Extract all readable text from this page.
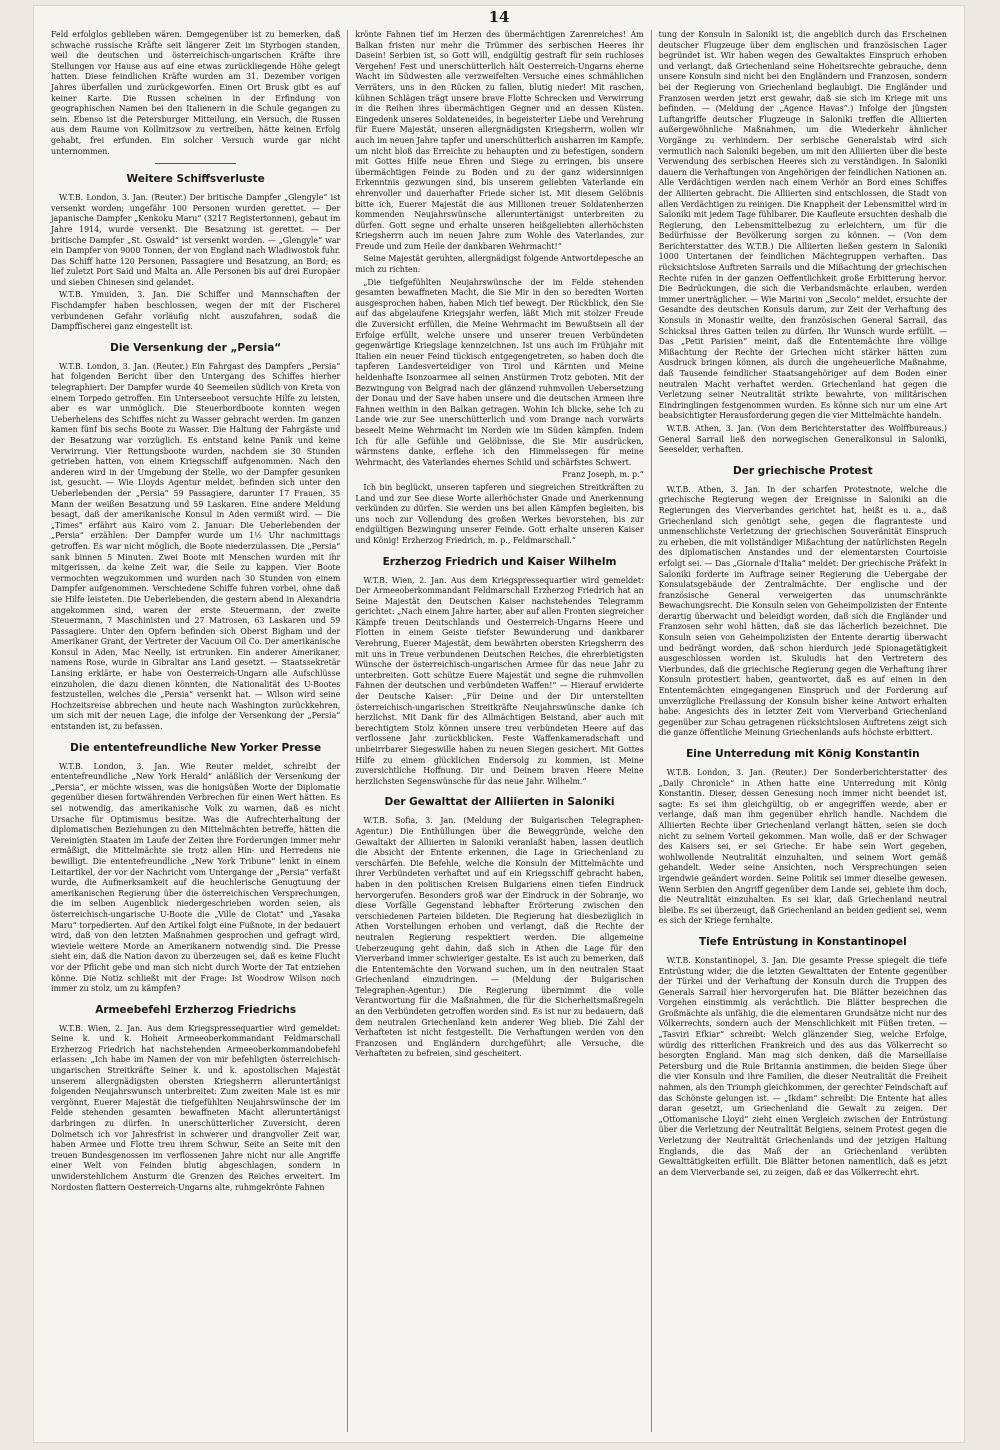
14

Feld erfolglos geblieben wären. Demgegenüber ist zu bemerken, daß schwache russische Kräfte seit längerer Zeit im Styrbogen standen, weil die deutschen und österreichisch-ungarischen Kräfte ihre Stellungen vor Hause aus auf eine etwas zurückliegende Höhe gelegt hatten. Diese feindlichen Kräfte wurden am 31. Dezember vorigen Jahres überfallen und zurückgeworfen. Einen Ort Brusk gibt es auf keiner Karte. Die Russen scheinen in der Erfindung von geographischen Namen bei den Italienern in die Schule gegangen zu sein. Ebenso ist die Petersburger Mitteilung, ein Versuch, die Russen aus dem Raume von Kollmitzsow zu vertreiben, hätte keinen Erfolg gehabt, frei erfunden. Ein solcher Versuch wurde gar nicht unternommen.

Weitere Schiffsverluste

W.T.B. London, 3. Jan. (Reuter.) Der britische Dampfer „Glengyle“ ist versenkt worden; ungefähr 100 Personen wurden gerettet. — Der japanische Dampfer „Kenkoku Maru“ (3217 Registertonnen), gebaut im Jahre 1914, wurde versenkt. Die Besatzung ist gerettet. — Der britische Dampfer „St. Oswald“ ist versenkt worden. — „Glengyle“ war ein Dampfer von 9000 Tonnen, der von England nach Wladiwostok fuhr. Das Schiff hatte 120 Personen, Passagiere und Besatzung, an Bord; es lief zuletzt Port Said und Malta an. Alle Personen bis auf drei Europäer und sieben Chinesen sind gelandet.

W.T.B. Ymuiden, 3. Jan. Die Schiffer und Mannschaften der Fischdampfer haben beschlossen, wegen der mit der Fischerei verbundenen Gefahr vorläufig nicht auszufahren, sodaß die Dampffischerei ganz eingestellt ist.

Die Versenkung der „Persia“

W.T.B. London, 3. Jan. (Reuter.) Ein Fahrgast des Dampfers „Persia“ hat folgenden Bericht über den Untergang des Schiffes hierher telegraphiert: Der Dampfer wurde 40 Seemeilen südlich von Kreta von einem Torpedo getroffen. Ein Unterseeboot versuchte Hilfe zu leisten, aber es war unmöglich. Die Steuerbordboote konnten wegen Ueberhelens des Schiffes nicht zu Wasser gebracht werden. Im ganzen kamen fünf bis sechs Boote zu Wasser. Die Haltung der Fahrgäste und der Besatzung war vorzüglich. Es entstand keine Panik und keine Verwirrung. Vier Rettungsboote wurden, nachdem sie 30 Stunden getrieben hatten, von einem Kriegsschiff aufgenommen. Nach den anderen wird in der Umgebung der Stelle, wo der Dampfer gesunken ist, gesucht. — Wie Lloyds Agentur meldet, befinden sich unter den Ueberlebenden der „Persia“ 59 Passagiere, darunter 17 Frauen, 35 Mann der weißen Besatzung und 59 Laskaren. Eine andere Meldung besagt, daß der amerikanische Konsul in Aden vermißt wird. — Die „Times“ erfährt aus Kairo vom 2. Januar: Die Ueberlebenden der „Persia“ erzählen: Der Dampfer wurde um 1½ Uhr nachmittags getroffen. Es war nicht möglich, die Boote niederzulassen. Die „Persia“ sank binnen 5 Minuten. Zwei Boote mit Menschen wurden mit ihr mitgerissen, da keine Zeit war, die Seile zu kappen. Vier Boote vermochten wegzukommen und wurden nach 30 Stunden von einem Dampfer aufgenommen. Verschiedene Schiffe fuhren vorbei, ohne daß sie Hilfe leisteten. Die Ueberlebenden, die gestern abend in Alexandria angekommen sind, waren der erste Steuermann, der zweite Steuermann, 7 Maschinisten und 27 Matrosen, 63 Laskaren und 59 Passagiere. Unter den Opfern befinden sich Oberst Bigham und der Amerikaner Grant, der Vertreter der Vacuum Oil Co. Der amerikanische Konsul in Aden, Mac Neelly, ist ertrunken. Ein anderer Amerikaner, namens Rose, wurde in Gibraltar ans Land gesetzt. — Staatssekretär Lansing erklärte, er habe von Oesterreich-Ungarn alle Aufschlüsse einzuholen, die dazu dienen könnten, die Nationalität des U-Bootes festzustellen, welches die „Persia“ versenkt hat. — Wilson wird seine Hochzeitsreise abbrechen und heute nach Washington zurückkehren, um sich mit der neuen Lage, die infolge der Versenkung der „Persia“ entstanden ist, zu befassen.

Die ententefreundliche New Yorker Presse

W.T.B. London, 3. Jan. Wie Reuter meldet, schreibt der ententefreundliche „New York Herald“ anläßlich der Versenkung der „Persia“, er möchte wissen, was die honigsüßen Worte der Diplomatie gegenüber diesen fortwährenden Verbrechen für einen Wert hätten. Es sei notwendig, das amerikanische Volk zu warnen, daß es nicht Ursache für Optimismus besitze. Was die Aufrechterhaltung der diplomatischen Beziehungen zu den Mittelmächten betreffe, hätten die Vereinigten Staaten im Laufe der Zeiten ihre Forderungen immer mehr ermäßigt, die Mittelmächte sie trotz allen Hin- und Herredens nie bewilligt. Die ententefreundliche „New York Tribune“ lenkt in einem Leitartikel, der vor der Nachricht vom Untergange der „Persia“ verfaßt wurde, die Aufmerksamkeit auf die heuchlerische Genugtuung der amerikanischen Regierung über die österreichischen Versprechungen, die im selben Augenblick niedergeschrieben worden seien, als österreichisch-ungarische U-Boote die „Ville de Ciotat“ und „Yasaka Maru“ torpedierten. Auf den Artikel folgt eine Fußnote, in der bedauert wird, daß von den letzten Maßnahmen gesprochen und gefragt wird, wieviele weitere Morde an Amerikanern notwendig sind. Die Presse sieht ein, daß die Nation davon zu überzeugen sei, daß es keine Flucht vor der Pflicht gebe und man sich nicht durch Worte der Tat entziehen könne. Die Notiz schließt mit der Frage: Ist Woodrow Wilson noch immer zu stolz, um zu kämpfen?

Armeebefehl Erzherzog Friedrichs

W.T.B. Wien, 2. Jan. Aus dem Kriegspressequartier wird gemeldet: Seine k. und k. Hoheit Armeeoberkommandant Feldmarschall Erzherzog Friedrich hat nachstehenden Armeeoberkommandobefehl erlassen: „Ich habe im Namen der von mir befehligten österreichisch-ungarischen Streitkräfte Seiner k. und k. apostolischen Majestät unserem allergnädigsten obersten Kriegsherrn alleruntertänigst folgenden Neujahrswunsch unterbreitet: Zum zweiten Male ist es mir vergönnt, Euerer Majestät die tiefgefühlten Neujahrswünsche der im Felde stehenden gesamten bewaffneten Macht alleruntertänigst darbringen zu dürfen. In unerschütterlicher Zuversicht, deren Dolmetsch ich vor Jahresfrist in schwerer und drangvoller Zeit war, haben Armee und Flotte treu ihrem Schwur, Seite an Seite mit den treuen Bundesgenossen im verflossenen Jahre nicht nur alle Angriffe einer Welt von Feinden blutig abgeschlagen, sondern in unwiderstehlichem Ansturm die Grenzen des Reiches erweitert. Im Nordosten flattern Oesterreich-Ungarns alte, ruhmgekrönte Fahnen

krönte Fahnen tief im Herzen des übermächtigen Zarenreiches! Am Balkan fristen nur mehr die Trümmer des serbischen Heeres ihr Dasein! Serbien ist, so Gott will, endgültig gestraft für sein ruchloses Vergehen! Fest und unerschütterlich hält Oesterreich-Ungarns eherne Wacht im Südwesten alle verzweifelten Versuche eines schmählichen Verräters, uns in den Rücken zu fallen, blutig nieder! Mit raschen, kühnen Schlägen trägt unsere brave Flotte Schrecken und Verwirrung in die Reihen ihres übermächtigen Gegner und an dessen Küsten. Eingedenk unseres Soldateneides, in begeisterter Liebe und Verehrung für Euere Majestät, unseren allergnädigsten Kriegsherrn, wollen wir auch im neuen Jahre tapfer und unerschütterlich ausharren im Kampfe, um nicht bloß das Erreichte zu behaupten und zu befestigen, sondern mit Gottes Hilfe neue Ehren und Siege zu erringen, bis unsere übermächtigen Feinde zu Boden und zu der ganz widersinnigen Erkenntnis gezwungen sind, bis unserem geliebten Vaterlande ein ehrenvoller und dauerhafter Friede sicher ist. Mit diesem Gelöbnis bitte ich, Euerer Majestät die aus Millionen treuer Soldatenherzen kommenden Neujahrswünsche alleruntertänigst unterbreiten zu dürfen. Gott segne und erhalte unseren heißgeliebten allerhöchsten Kriegsherrn auch im neuen Jahre zum Wohle des Vaterlandes, zur Freude und zum Heile der dankbaren Wehrmacht!“

Seine Majestät geruhten, allergnädigst folgende Antwortdepesche an mich zu richten:

„Die tiefgefühlten Neujahrswünsche der im Felde stehenden gesamten bewaffneten Macht, die Sie Mir in den so beredten Worten ausgesprochen haben, haben Mich tief bewegt. Der Rückblick, den Sie auf das abgelaufene Kriegsjahr werfen, läßt Mich mit stolzer Freude die Zuversicht erfüllen, die Meine Wehrmacht im Bewußtsein all der Erfolge erfüllt, welche unsere und unserer treuen Verbündeten gegenwärtige Kriegslage kennzeichnen. Ist uns auch im Frühjahr mit Italien ein neuer Feind tückisch entgegengetreten, so haben doch die tapferen Landesverteidiger von Tirol und Kärnten und Meine heldenhafte Isonzoarmee all seinen Anstürmen Trotz geboten. Mit der Bezwingung von Belgrad nach der glänzend ruhmvollen Uebersetzung der Donau und der Save haben unsere und die deutschen Armeen ihre Fahnen weithin in den Balkan getragen. Wohin Ich blicke, sehe Ich zu Lande wie zur See unerschütterlich und vom Drange nach vorwärts beseelt Meine Wehrmacht im Norden wie im Süden kämpfen. Indem Ich für alle Gefühle und Gelöbnisse, die Sie Mir ausdrücken, wärmstens danke, erflehe ich den Himmelssegen für meine Wehrmacht, des Vaterlandes ehernes Schild und schärfstes Schwert.

Franz Joseph, m. p.“

Ich bin beglückt, unseren tapferen und siegreichen Streitkräften zu Land und zur See diese Worte allerhöchster Gnade und Anerkennung verkünden zu dürfen. Sie werden uns bei allen Kämpfen begleiten, bis uns noch zur Vollendung des großen Werkes bevorstehen, bis zur endgültigen Bezwingung unserer Feinde. Gott erhalte unseren Kaiser und König! Erzherzog Friedrich, m. p., Feldmarschall.“

Erzherzog Friedrich und Kaiser Wilhelm

W.T.B. Wien, 2. Jan. Aus dem Kriegspressequartier wird gemeldet: Der Armeeoberkommandant Feldmarschall Erzherzog Friedrich hat an Seine Majestät den Deutschen Kaiser nachstehendes Telegramm gerichtet: „Nach einem Jahre harter, aber auf allen Fronten siegreicher Kämpfe treuen Deutschlands und Oesterreich-Ungarns Heere und Flotten in einem Geiste tiefster Bewunderung und dankbarer Verehrung, Euerer Majestät, dem bewährten obersten Kriegsherrn des mit uns in Treue verbundenen Deutschen Reiches, die ehrerbietigsten Wünsche der österreichisch-ungarischen Armee für das neue Jahr zu unterbreiten. Gott schütze Euere Majestät und segne die ruhmvollen Fahnen der deutschen und verbündeten Waffen!“ — Hierauf erwiderte der Deutsche Kaiser: „Für Deine und der Dir unterstellten österreichisch-ungarischen Streitkräfte Neujahrswünsche danke ich herzlichst. Mit Dank für des Allmächtigen Beistand, aber auch mit berechtigtem Stolz können unsere treu verbündeten Heere auf das verflossene Jahr zurückblicken. Feste Waffenkameradschaft und unbeirrbarer Siegeswille haben zu neuen Siegen gesichert. Mit Gottes Hilfe zu einem glücklichen Endersolg zu kommen, ist Meine zuversichtliche Hoffnung. Dir und Deinem braven Heere Meine herzlichsten Segenswünsche für das neue Jahr. Wilhelm.“

Der Gewalttat der Alliierten in Saloniki

W.T.B. Sofia, 3. Jan. (Meldung der Bulgarischen Telegraphen-Agentur.) Die Enthüllungen über die Beweggründe, welche den Gewaltakt der Alliierten in Saloniki veranlaßt haben, lassen deutlich die Absicht der Entente erkennen, die Lage in Griechenland zu verschärfen. Die Befehle, welche die Konsuln der Mittelmächte und ihrer Verbündeten verhaftet und auf ein Kriegsschiff gebracht haben, haben in den politischen Kreisen Bulgariens einen tiefen Eindruck hervorgerufen. Besonders groß war der Eindruck in der Sobranje, wo diese Vorfälle Gegenstand lebhafter Erörterung zwischen den verschiedenen Parteien bildeten. Die Regierung hat diesbezüglich in Athen Vorstellungen erhoben und verlangt, daß die Rechte der neutralen Regierung respektiert werden. Die allgemeine Ueberzeugung geht dahin, daß sich in Athen die Lage für den Vierverband immer schwieriger gestalte. Es ist auch zu bemerken, daß die Ententemächte den Vorwand suchen, um in den neutralen Staat Griechenland einzudringen. — (Meldung der Bulgarischen Telegraphen-Agentur.) Die Regierung übernimmt die volle Verantwortung für die Maßnahmen, die für die Sicherheitsmaßregeln an den Verbündeten getroffen worden sind. Es ist nur zu bedauern, daß dem neutralen Griechenland kein anderer Weg blieb. Die Zahl der Verhafteten ist nicht festgestellt. Die Verhaftungen werden von den Franzosen und Engländern durchgeführt; alle Versuche, die Verhafteten zu befreien, sind gescheitert.

tung der Konsuln in Saloniki ist, die angeblich durch das Erscheinen deutscher Flugzeuge über dem englischen und französischen Lager begründet ist. Wir haben wegen des Gewaltaktes Einspruch erhoben und verlangt, daß Griechenland seine Hoheitsrechte gebrauche, denn unsere Konsuln sind nicht bei den Engländern und Franzosen, sondern bei der Regierung von Griechenland beglaubigt. Die Engländer und Franzosen werden jetzt erst gewahr, daß sie sich im Kriege mit uns befinden. — (Meldung der „Agence Havas“.) Infolge der jüngsten Luftangriffe deutscher Flugzeuge in Saloniki treffen die Alliierten außergewöhnliche Maßnahmen, um die Wiederkehr ähnlicher Vorgänge zu verhindern. Der serbische Generalstab wird sich vermutlich nach Saloniki begeben, um mit den Alliierten über die beste Verwendung des serbischen Heeres sich zu verständigen. In Saloniki dauern die Verhaftungen von Angehörigen der feindlichen Nationen an. Alle Verdächtigen werden nach einem Verhör an Bord eines Schiffes der Alliierten gebracht. Die Alliierten sind entschlossen, die Stadt von allen Verdächtigen zu reinigen. Die Knappheit der Lebensmittel wird in Saloniki mit jedem Tage fühlbarer. Die Kaufleute ersuchten deshalb die Regierung, den Lebensmittelbezug zu erleichtern, um für die Bedürfnisse der Bevölkerung sorgen zu können. — (Von dem Berichterstatter des W.T.B.) Die Alliierten ließen gestern in Saloniki 1000 Untertanen der feindlichen Mächtegruppen verhaften. Das rücksichtslose Auftreten Sarrails und die Mißachtung der griechischen Rechte rufen in der ganzen Oeffentlichkeit große Erbitterung hervor. Die Bedrückungen, die sich die Verbandsmächte erlauben, werden immer unerträglicher. — Wie Marini von „Secolo“ meldet, ersuchte der Gesandte des deutschen Konsuls darum, zur Zeit der Verhaftung des Konsuls in Monastir weilte, den französischen General Sarrail, das Schicksal ihres Gatten teilen zu dürfen. Ihr Wunsch wurde erfüllt. — Das „Petit Parisien“ meint, daß die Ententemächte ihre völlige Mißachtung der Rechte der Griechen nicht stärker hätten zum Ausdruck bringen können, als durch die ungeheuerliche Maßnahme, daß Tausende feindlicher Staatsangehöriger auf dem Boden einer neutralen Macht verhaftet werden. Griechenland hat gegen die Verletzung seiner Neutralität strikte bewahrte, von militärischen Eindringlingen festgenommen wurden. Es könne sich nur um eine Art beabsichtigter Herausforderung gegen die vier Mittelmächte handeln.

W.T.B. Athen, 3. Jan. (Von dem Berichterstatter des Wolffbureaus.) General Sarrail ließ den norwegischen Generalkonsul in Saloniki, Seeselder, verhaften.

Der griechische Protest

W.T.B. Athen, 3. Jan. In der scharfen Protestnote, welche die griechische Regierung wegen der Ereignisse in Saloniki an die Regierungen des Vierverbandes gerichtet hat, heißt es u. a., daß Griechenland sich genötigt sehe, gegen die flagranteste und unmenschlichste Verletzung der griechischen Souveränität Einspruch zu erheben, die mit vollständiger Mißachtung der natürlichsten Regeln des diplomatischen Anstandes und der elementarsten Courtoisie erfolgt sei. — Das „Giornale d'Italia“ meldet: Der griechische Präfekt in Saloniki forderte im Auftrage seiner Regierung die Uebergabe der Konsulatsgebäude der Zentralmächte. Der englische und der französische General verweigerten das unumschränkte Bewachungsrecht. Die Konsuln seien von Geheimpolizisten der Entente derartig überwacht und beleidigt worden, daß sich die Engländer und Franzosen sehr wohl hätten, daß sie das lächerlich bezeichnet. Die Konsuln seien von Geheimpolizisten der Entente derartig überwacht und bedrängt worden, daß schon hierdurch jede Spionagetätigkeit ausgeschlossen worden ist. Skuludis hat den Vertretern des Vierbundes, daß die griechische Regierung gegen die Verhaftung ihrer Konsuln protestiert haben, geantwortet, daß es auf einen in den Ententemächten eingegangenen Einspruch und der Forderung auf unverzügliche Freilassung der Konsuln bisher keine Antwort erhalten habe. Angesichts des in letzter Zeit vom Vierverband Griechenland gegenüber zur Schau getragenen rücksichtslosen Auftretens zeigt sich die ganze öffentliche Meinung Griechenlands aufs höchste erbittert.

Eine Unterredung mit König Konstantin

W.T.B. London, 3. Jan. (Reuter.) Der Sonderberichterstatter des „Daily Chronicle“ in Athen hatte eine Unterredung mit König Konstantin. Dieser, dessen Genesung noch immer nicht beendet ist, sagte: Es sei ihm gleichgültig, ob er angegriffen werde, aber er verlange, daß man ihm gegenüber ehrlich handle. Nachdem die Alliierten Rechte über Griechenland verlangt hätten, seien sie doch nicht zu seinem Vorteil gekommen. Man wolle, daß er der Schwager des Kaisers sei, er sei Grieche. Er habe sein Wort gegeben, wohlwollende Neutralität einzuhalten, und seinem Wort gemäß gehandelt. Weder seine Ansichten, noch Versprechungen seien irgendwie geändert worden. Seine Politik sei immer dieselbe gewesen. Wenn Serbien den Angriff gegenüber dem Lande sei, gebiete ihm doch, die Neutralität einzuhalten. Es sei klar, daß Griechenland neutral bleibe. Es sei überzeugt, daß Griechenland an beiden gedient sei, wenn es sich der Kriege fernhalte.

Tiefe Entrüstung in Konstantinopel

W.T.B. Konstantinopel, 3. Jan. Die gesamte Presse spiegelt die tiefe Entrüstung wider, die die letzten Gewalttaten der Entente gegenüber der Türkei und der Verhaftung der Konsuln durch die Truppen des Generals Sarrail hier hervorgerufen hat. Die Blätter bezeichnen das Vorgehen einstimmig als verächtlich. Die Blätter besprechen die Großmächte als unfähig, die die elementaren Grundsätze nicht nur des Völkerrechts, sondern auch der Menschlichkeit mit Füßen treten. — „Tasviri Efkiar“ schreibt: Welch glänzender Sieg, welche Erfolge, würdig des ritterlichen Frankreich und des aus das Völkerrecht so besorgten England. Man mag sich denken, daß die Marseillaise Petersburg und die Rule Britannia anstimmen, die beiden Siege über die vier Konsuln und ihre Familien, die dieser Neutralität die Freiheit nahmen, als den Triumph gleichkommen, der gerechter Feindschaft auf das Schönste gelungen ist. — „Ikdam“ schreibt: Die Entente hat alles daran gesetzt, um Griechenland die Gewalt zu zeigen. Der „Ottomanische Lloyd“ zieht einen Vergleich zwischen der Entrüstung über die Verletzung der Neutralität Belgiens, seinem Protest gegen die Verletzung der Neutralität Griechenlands und der jetzigen Haltung Englands, die das Maß der an Griechenland verübten Gewalttätigkeiten erfüllt. Die Blätter betonen namentlich, daß es jetzt an dem Vierverbande sei, zu zeigen, daß er das Völkerrecht ehrt.
